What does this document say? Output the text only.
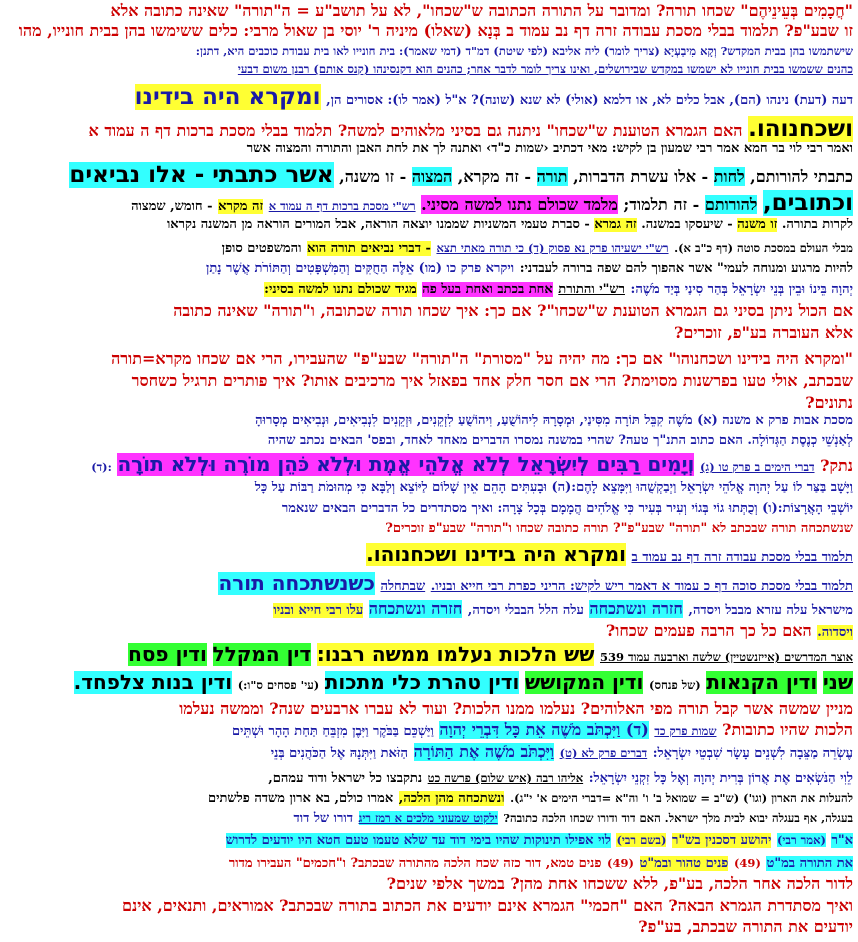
"חֲכָמִים בְּעֵינֵיהֶם" שכחו תורה? ומדובר על התורה הכתובה ש"שכחו", לא על תושב"ע = ה"תורה" שאינה כתובה אלא
זו שבע"פ? תלמוד בבלי מסכת עבודה זרה דף נב עמוד ב בְּנָא (שאלו) מיניה ר' יוסי בן שאול מרבי: כלים ששימשו בהן בבית חונייו, מהו
שישתמשו בהן בבית המקדש? וְקָא מִיבַעְיָא (צריך לומר) ליה אליבא (לפי שיטת) דמ"ד (דמי שאמר): בית חונייו לאו בית עבודת כוכבים היא, דתנן:
כהנים ששמשו בבית חונייו לא ישמשו במקדש שבירושלים, ואינו צריך לומר לדבר אחר; כהנים הוא דקנסינהו (קנס אותם) רבנן משום דבעי
דעה (דעת) נינהו (הם), אבל כלים לא, או דלמא (אולי) לא שנא (שונה)? א"ל (אמר לו): אסורים הן, ומקרא היה בידינו
ושכחנוהו. האם הגמרא הטוענת ש"שכחו" ניתנה גם בסיני מלאוהים למשה? תלמוד בבלי מסכת ברכות דף ה עמוד א
ואמר רבי לוי בר חמא אמר רבי שמעון בן לקיש: מאי דכתיב ‹שמות כ"ד› ואתנה לך את לחת האבן והתורה והמצוה אשר
כתבתי להורותם, לחות - אלו עשרת הדברות, תורה - זה מקרא, המצוה - זו משנה, אשר כתבתי - אלו נביאים
וכתובים, להורותם - זה תלמוד; מלמד שכולם נתנו למשה מסיני. רש"י מסכת ברכות דף ה עמוד א זה מקרא - חומש, שמצוה
לקרות בתורה. זו משנה - שיעסקו במשנה. זה גמרא - סברת טעמי המשניות שממנו יוצאה הוראה, אבל המורים הוראה מן המשנה נקראו
מבלי העולם במסכת סוטה (דף כ"ב א). רש"י ישעיהו פרק נא פסוק (ד) כי תורה מאתי תצא - דברי נביאים תורה הוא והמשפטים סופן
להיות מרגוע ומנוחה לעמי" אשר אהפוך להם שפה ברורה לעבדני: ויקרא פרק כו (מו) אֵלֶּה הַחֻקִּים וְהַמִּשְׁפָּטִים וְהַתּוֹרֹת אֲשֶׁר נָתַן
יְהוָה בֵּינוֹ וּבֵין בְּנֵי יִשְׂרָאֵל בְּהַר סִינַי בְּיַד מֹשֶׁה: רש"י והתורת אחת בכתב ואחת בעל פה מגיד שכולם נתנו למשה בסיני:
אם הכול ניתן בסיני גם הגמרא הטוענת ש"שכחו"? אם כך: איך שכחו תורה שכתובה, ו"תורה" שאינה כתובה
אלא העוברה בע"פ, זוכרים?
"ומקרא היה בידינו ושכחנוהו" אם כך: מה יהיה על "מסורת" ה"תורה" שבע"פ" שהעבירו, הרי אם שכחו מקרא=תורה
שבכתב, אולי טעו בפרשנות מסוימת? הרי אם חסר חלק אחד בפאזל איך מרכיבים אותו? איך פותרים תרגיל כשחסר
נתונים?
מסכת אבות פרק א משנה (א) מֹשֶׁה קִבֵּל תּוֹרָה מִסִּינַי, וּמְסָרָהּ לִיהוֹשֻׁעַ, וִיהוֹשֻׁעַ לִזְקֵנִים, וּזְקֵנִים לִנְבִיאִים, וּנְבִיאִים מְסָרוּהָ
לְאַנְשֵׁי כְנֶסֶת הַגְּדוֹלָה. האם כתוב התנ"ך טעה? שהרי במשנה נמסרו הדברים מאחד לאחד, ובפס' הבאים נכתב שהיה
נתק? דברי הימים ב פרק טו (ג) וְיָמִים רַבִּים לְיִשְׂרָאֵל לְלֹא אֱלֹהֵי אֱמֶת וּלְלֹא כֹּהֵן מוֹרֶה וּלְלֹא תוֹרָה :(ד)
וַיָּשָׁב בַּצַּר לוֹ עַל יְהוָה אֱלֹהֵי יִשְׂרָאֵל וַיְבַקְשֻׁהוּ וַיִּמָּצֵא לָהֶם:(ה) וּבָעִתִּים הָהֵם אֵין שָׁלוֹם לַיּוֹצֵא וְלַבָּא כִּי מְהוּמֹת רַבּוֹת עַל כָּל
יוֹשְׁבֵי הָאֲרָצוֹת:(ו) וְכֻתְּתוּ גוֹי בְּגוֹי וְעִיר בְּעִיר כִּי אֱלֹהִים הֲמָמָם בְּכָל צָרָה: ואיך מסתדרים כל הדברים הבאים שנאמר
שנשתכחה תורה שבכתב לא "תורה" שבע"פ"? תורה כתובה שכחו ו"תורה" שבע"פ זוכרים?
תלמוד בבלי מסכת עבודה זרה דף נב עמוד ב ומקרא היה בידינו ושכחנוהו.
תלמוד בבלי מסכת סוכה דף כ עמוד א דאמר ריש לקיש: הריני כפרת רבי חייא ובניו. שבתחלה כשנשתכחה תורה
מישראל עלה עזרא מבבל ויסדה, חזרה ונשתכחה עלה הלל הבבלי ויסדה, חזרה ונשתכחה עלו רבי חייא ובניו
ויסדוה. האם כל כך הרבה פעמים שכחו?
אוצר המדרשים (אייזנשטיין) שלשה וארבעה עמוד 539 שש הלכות נעלמו ממשה רבנו: דין המקלל ודין פסח
שני ודין הקנאות (של פנחס) ודין המקושש ודין טהרת כלי מתכות (עי' פסחים ס"ו:) ודין בנות צלפחד.
מניין שמשה אשר קבל תורה מפי האלוהים? נעלמו ממנו הלכות? ועוד לא עברו ארבעים שנה? וממשה נעלמו
הלכות שהיו כתובות? שמות פרק כד (ד) וַיִּכְתֹּב מֹשֶׁה אֵת כָּל דִּבְרֵי יְהוָה וַיַּשְׁכֵּם בַּבֹּקֶר וַיִּבֶן מִזְבֵּחַ תַּחַת הָהָר וּשְׁתֵּים
עֶשְׂרֵה מַצֵּבָה לִשְׁנֵים עָשָׂר שִׁבְטֵי יִשְׂרָאֵל: דברים פרק לא (ט) וַיִּכְתֹּב מֹשֶׁה אֶת הַתּוֹרָה הַזֹּאת וַיִּתְּנָהּ אֶל הַכֹּהֲנִים בְּנֵי
לֵוִי הַנֹּשְׂאִים אֶת אֲרוֹן בְּרִית יְהוָה וְאֶל כָּל זִקְנֵי יִשְׂרָאֵל: אליהו רבה (איש שלום) פרשה כט נתקבצו כל ישראל ודוד עמהם,
להעלות את הארון (וגו') (ש"ב = שמואל ב' ו' וה"א =דברי הימים א' י"ג). ונשתכחה מהן הלכה, אמרו כולם, בא ארון משדה פלשתים
בעגלה, אף בעגלה יבוא לבית מלך ישראל. האם דוד ודורו שכחו הלכה כתובה? ילקוט שמעוני מלכים א רמז ריג דורו של דוד
א"ר (אמר רבי) יהושע דסכנין בש"ר (בשם רבי) לוי אפילו תינוקות שהיו בימי דוד עד שלא טעמו טעם חטא היו יודעים לדרוש
את התורה במ"ט (49) פנים טהור ובמ"ט (49) פנים טמא, דור כזה שכח הלכה מהתורה שבכתב? ו"חכמים" העבירו מדור
לדור הלכה אחר הלכה, בע"פ, ללא ששכחו אחת מהן? במשך אלפי שנים?
ואיך מסתדרת הגמרא הבאה? האם "חכמי" הגמרא אינם יודעים את הכתוב בתורה שבכתב? אמוראים, ותנאים, אינם
יודעים את התורה שבכתב, בע"פ?
